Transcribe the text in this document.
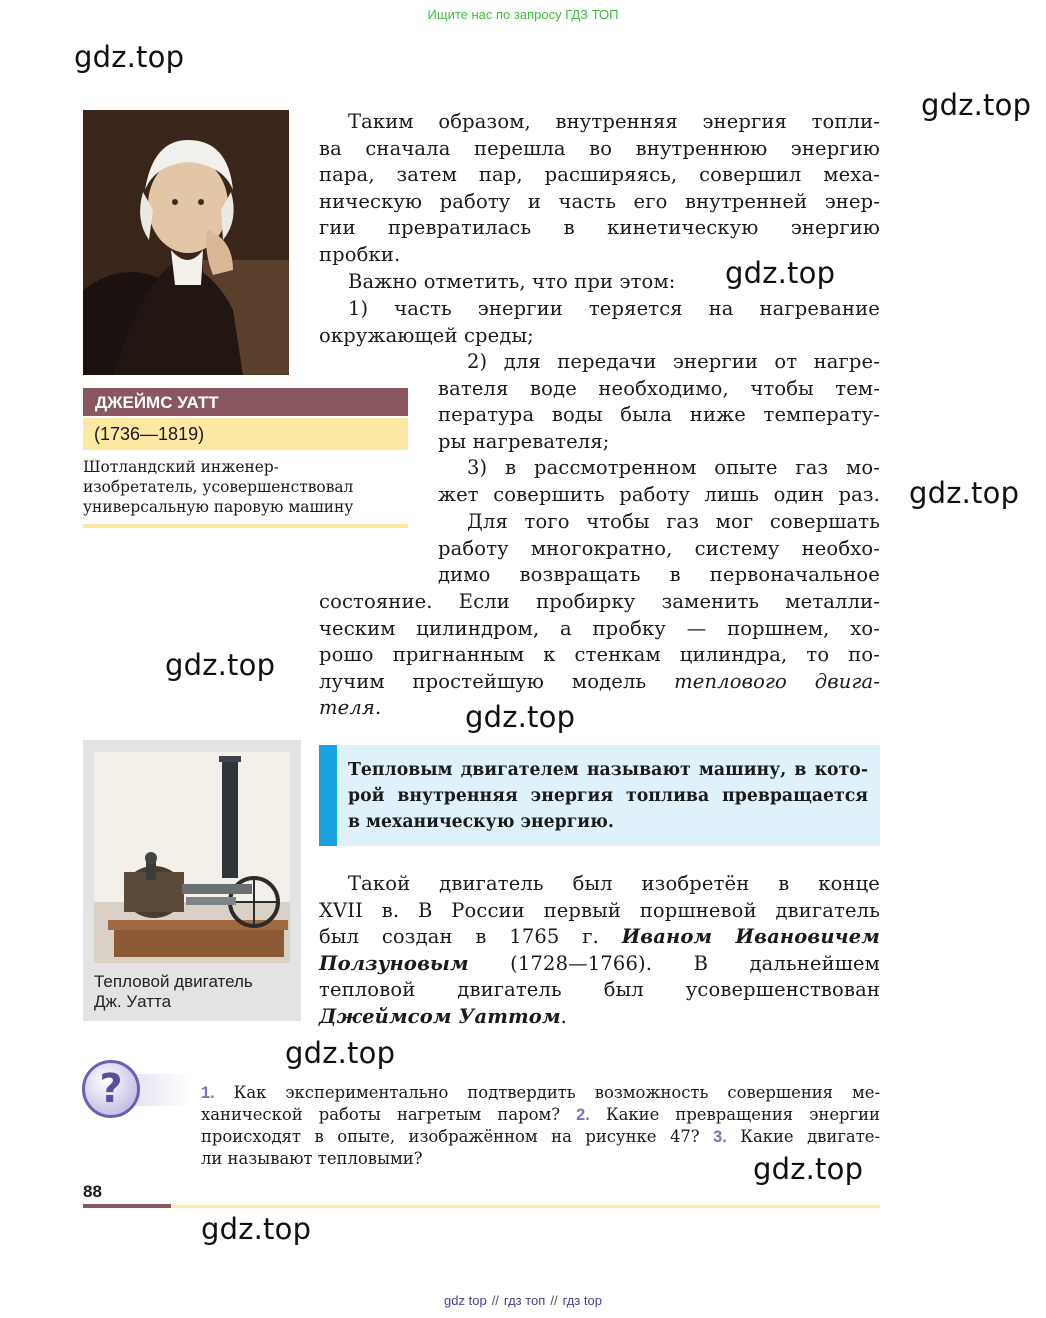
Ищите нас по запросу ГДЗ ТОП
gdz.top
gdz.top
gdz.top
gdz.top
gdz.top
gdz.top
gdz.top
gdz.top
gdz.top
ДЖЕЙМС УАТТ
(1736—1819)
Шотландский инженер-
изобретатель, усовершенствовал
универсальную паровую машину
Таким образом, внутренняя энергия топли-
ва сначала перешла во внутреннюю энергию
пара, затем пар, расширяясь, совершил меха-
ническую работу и часть его внутренней энер-
гии превратилась в кинетическую энергию
пробки.
Важно отметить, что при этом:
1) часть энергии теряется на нагревание
окружающей среды;
2) для передачи энергии от нагре-
вателя воде необходимо, чтобы тем-
пература воды была ниже температу-
ры нагревателя;
3) в рассмотренном опыте газ мо-
жет совершить работу лишь один раз.
Для того чтобы газ мог совершать
работу многократно, систему необхо-
димо возвращать в первоначальное
состояние. Если пробирку заменить металли-
ческим цилиндром, а пробку — поршнем, хо-
рошо пригнанным к стенкам цилиндра, то по-
лучим простейшую модель теплового двига-
теля.
Тепловой двигатель
Дж. Уатта
Тепловым двигателем называют машину, в кото-
рой внутренняя энергия топлива превращается
в механическую энергию.
Такой двигатель был изобретён в конце
XVII в. В России первый поршневой двигатель
был создан в 1765 г. Иваном Ивановичем
Ползуновым (1728—1766). В дальнейшем
тепловой двигатель был усовершенствован
Джеймсом Уаттом.
?	1. Как экспериментально подтвердить возможность совершения ме-
ханической работы нагретым паром? 2. Какие превращения энергии
происходят в опыте, изображённом на рисунке 47? 3. Какие двигате-
ли называют тепловыми?
88
gdz top // гдз топ // гдз top
